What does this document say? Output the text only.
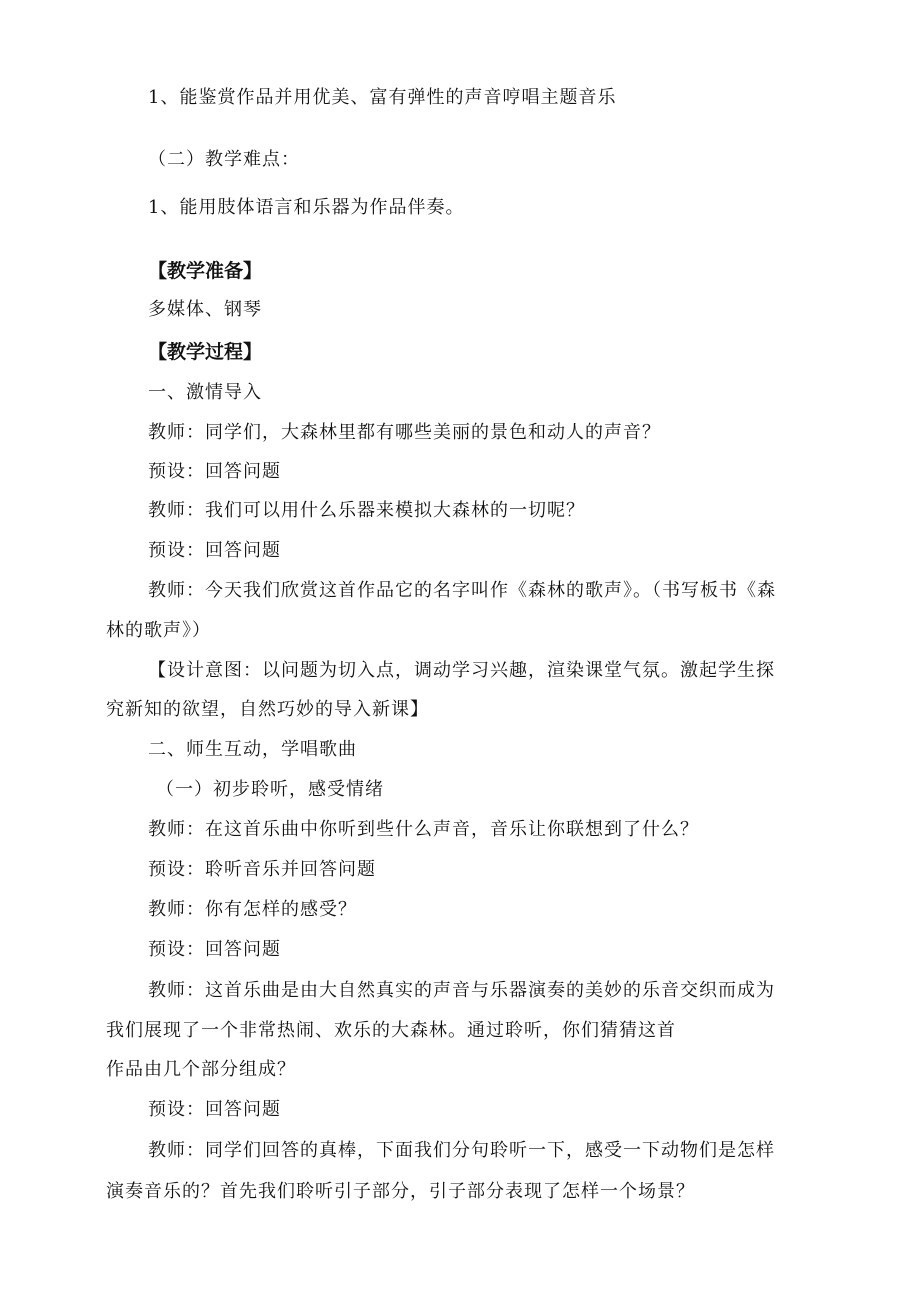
1、能鉴赏作品并用优美、富有弹性的声音哼唱主题音乐
（二）教学难点：
1、能用肢体语言和乐器为作品伴奏。
【教学准备】
多媒体、钢琴
【教学过程】
一、激情导入
教师：同学们，大森林里都有哪些美丽的景色和动人的声音？
预设：回答问题
教师：我们可以用什么乐器来模拟大森林的一切呢？
预设：回答问题
教师：今天我们欣赏这首作品它的名字叫作《森林的歌声》。（书写板书《森
林的歌声》）
【设计意图：以问题为切入点，调动学习兴趣，渲染课堂气氛。激起学生探
究新知的欲望，自然巧妙的导入新课】
二、师生互动，学唱歌曲
（一）初步聆听，感受情绪
教师：在这首乐曲中你听到些什么声音，音乐让你联想到了什么？
预设：聆听音乐并回答问题
教师：你有怎样的感受？
预设：回答问题
教师：这首乐曲是由大自然真实的声音与乐器演奏的美妙的乐音交织而成为
我们展现了一个非常热闹、欢乐的大森林。通过聆听，你们猜猜这首
作品由几个部分组成？
预设：回答问题
教师：同学们回答的真棒，下面我们分句聆听一下，感受一下动物们是怎样
演奏音乐的？首先我们聆听引子部分，引子部分表现了怎样一个场景？
